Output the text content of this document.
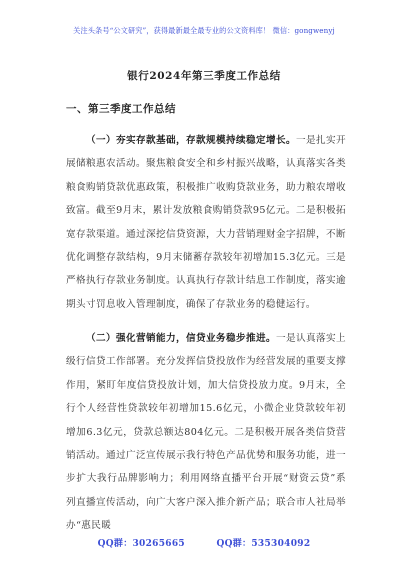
关注头条号“公文研究”，获得最新最全最专业的公文资料库！ 微信：gongwenyj
银行2024年第三季度工作总结
一、第三季度工作总结
（一）夯实存款基础，存款规模持续稳定增长。一是扎实开展储粮惠农活动。聚焦粮食安全和乡村振兴战略，认真落实各类粮食购销贷款优惠政策，积极推广收购贷款业务，助力粮农增收致富。截至9月末，累计发放粮食购销贷款95亿元。二是积极拓宽存款渠道。通过深挖信贷资源，大力营销理财金字招牌，不断优化调整存款结构，9月末储蓄存款较年初增加15.3亿元。三是严格执行存款业务制度。认真执行存款计结息工作制度，落实逾期头寸罚息收入管理制度，确保了存款业务的稳健运行。
（二）强化营销能力，信贷业务稳步推进。一是认真落实上级行信贷工作部署。充分发挥信贷投放作为经营发展的重要支撑作用，紧盯年度信贷投放计划，加大信贷投放力度。9月末，全行个人经营性贷款较年初增加15.6亿元，小微企业贷款较年初增加6.3亿元，贷款总额达804亿元。二是积极开展各类信贷营销活动。通过广泛宣传展示我行特色产品优势和服务功能，进一步扩大我行品牌影响力；利用网络直播平台开展“财资云贷”系列直播宣传活动，向广大客户深入推介新产品；联合市人社局举办“惠民暖
QQ群：30265665	QQ群：535304092
